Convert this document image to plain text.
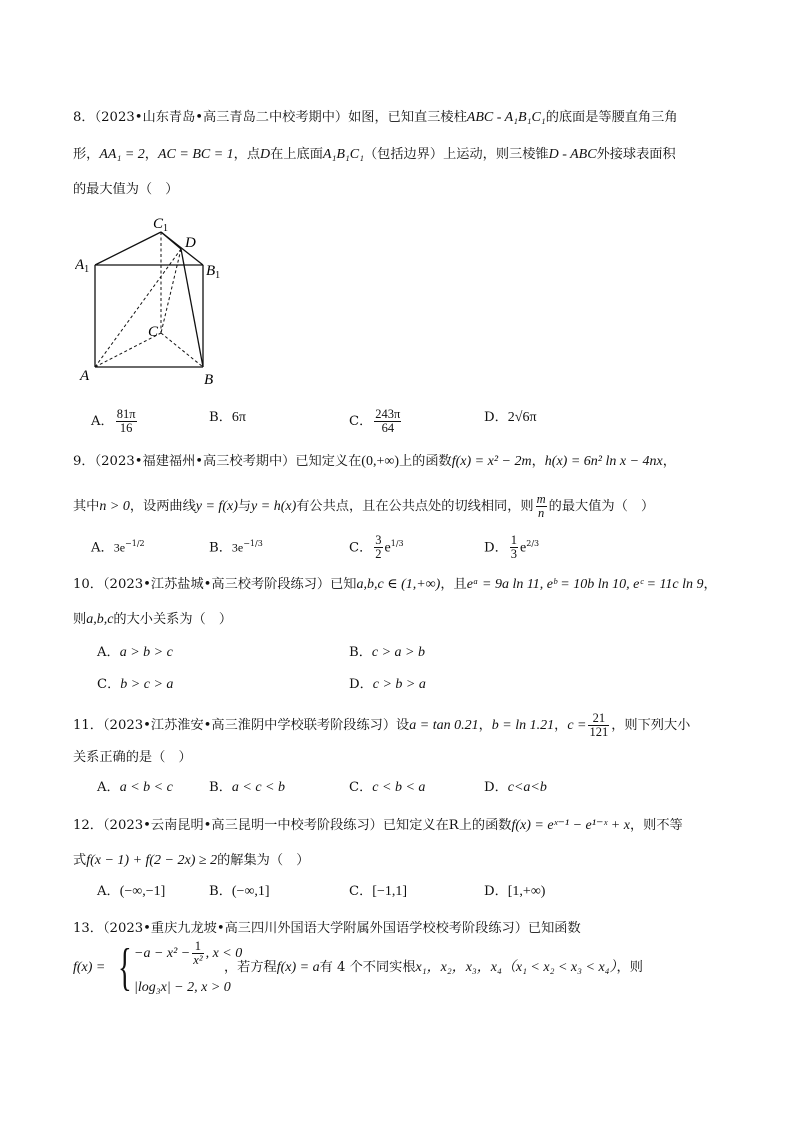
8．（2023•山东青岛•高三青岛二中校考期中）如图，已知直三棱柱ABC - A₁B₁C₁的底面是等腰直角三角
形，AA₁ = 2，AC = BC = 1，点D在上底面A₁B₁C₁（包括边界）上运动，则三棱锥D - ABC外接球表面积
的最大值为（　）
$C_1$
D
$A_1$	$B_1$
C
A	B
A． $\frac{81\pi}{16}$	B．6π	C． $\frac{243\pi}{64}$	D．2√6π
9．（2023•福建福州•高三校考期中）已知定义在(0,+∞)上的函数f(x) = x² − 2m，h(x) = 6n² ln x − 4nx，
其中n > 0，设两曲线y = f(x)与y = h(x)有公共点，且在公共点处的切线相同，则 $\frac{m}{n}$ 的最大值为（　）
A．$3e^{-1/2}$	B．$3e^{-1/3}$	C． $\frac{3}{2} e^{1/3}$	D． $\frac{1}{3} e^{2/3}$
10．（2023•江苏盐城•高三校考阶段练习）已知a,b,c ∈ (1,+∞)，且eᵃ = 9a ln 11, eᵇ = 10b ln 10, eᶜ = 11c ln 9，
则a,b,c的大小关系为（　）
A．a > b > c	B．c > a > b
C．b > c > a	D．c > b > a
11．（2023•江苏淮安•高三淮阴中学校联考阶段练习）设a = tan 0.21，b = ln 1.21，$c = \frac{21}{121}$ ，则下列大小
关系正确的是（　）
A．a < b < c	B．a < c < b	C．c < b < a	D．c<a<b
12．（2023•云南昆明•高三昆明一中校考阶段练习）已知定义在R上的函数f(x) = eˣ⁻¹ − e¹⁻ˣ + x，则不等
式f(x − 1) + f(2 − 2x) ≥ 2的解集为（　）
A．(−∞,−1]	B．(−∞,1]	C．[−1,1]	D．[1,+∞)
13．（2023•重庆九龙坡•高三四川外国语大学附属外国语学校校考阶段练习）已知函数
f(x) = { $-a - x^2 - \frac{1}{\text{x²}}$ , x < 0
|log₃x| − 2, x > 0
，若方程f(x) = a有 4 个不同实根x₁，x₂，x₃，x₄（x₁ < x₂ < x₃ < x₄），则
